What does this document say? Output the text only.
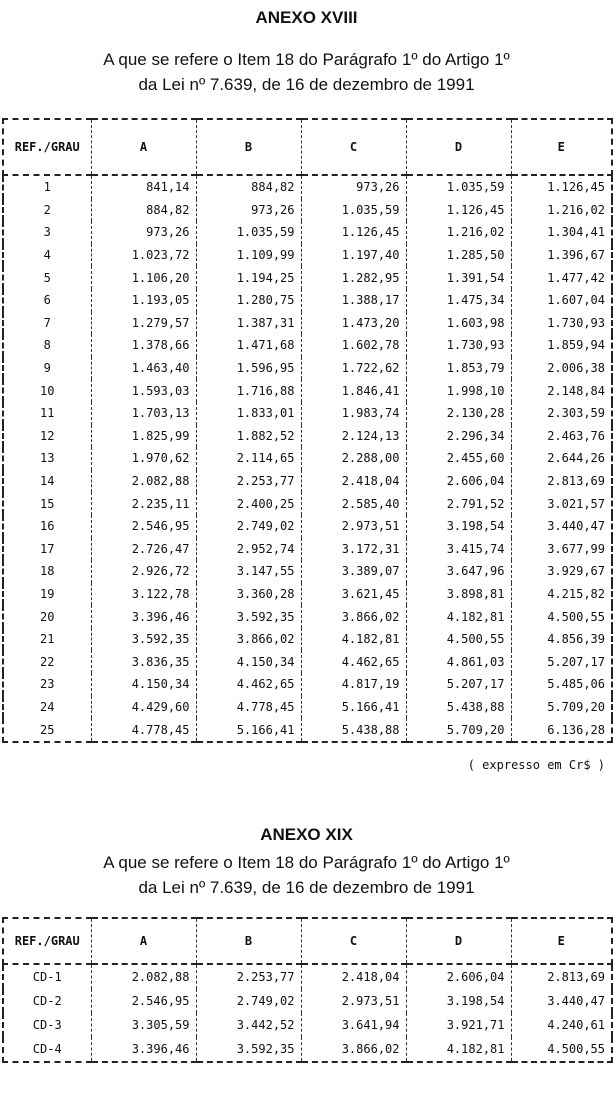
ANEXO XVIII
A que se refere o Item 18 do Parágrafo 1º do Artigo 1º
da Lei nº 7.639, de 16 de dezembro de 1991
REF./GRAU	A	B	C	D	E
1	841,14	884,82	973,26	1.035,59	1.126,45
2	884,82	973,26	1.035,59	1.126,45	1.216,02
3	973,26	1.035,59	1.126,45	1.216,02	1.304,41
4	1.023,72	1.109,99	1.197,40	1.285,50	1.396,67
5	1.106,20	1.194,25	1.282,95	1.391,54	1.477,42
6	1.193,05	1.280,75	1.388,17	1.475,34	1.607,04
7	1.279,57	1.387,31	1.473,20	1.603,98	1.730,93
8	1.378,66	1.471,68	1.602,78	1.730,93	1.859,94
9	1.463,40	1.596,95	1.722,62	1.853,79	2.006,38
10	1.593,03	1.716,88	1.846,41	1.998,10	2.148,84
11	1.703,13	1.833,01	1.983,74	2.130,28	2.303,59
12	1.825,99	1.882,52	2.124,13	2.296,34	2.463,76
13	1.970,62	2.114,65	2.288,00	2.455,60	2.644,26
14	2.082,88	2.253,77	2.418,04	2.606,04	2.813,69
15	2.235,11	2.400,25	2.585,40	2.791,52	3.021,57
16	2.546,95	2.749,02	2.973,51	3.198,54	3.440,47
17	2.726,47	2.952,74	3.172,31	3.415,74	3.677,99
18	2.926,72	3.147,55	3.389,07	3.647,96	3.929,67
19	3.122,78	3.360,28	3.621,45	3.898,81	4.215,82
20	3.396,46	3.592,35	3.866,02	4.182,81	4.500,55
21	3.592,35	3.866,02	4.182,81	4.500,55	4.856,39
22	3.836,35	4.150,34	4.462,65	4.861,03	5.207,17
23	4.150,34	4.462,65	4.817,19	5.207,17	5.485,06
24	4.429,60	4.778,45	5.166,41	5.438,88	5.709,20
25	4.778,45	5.166,41	5.438,88	5.709,20	6.136,28
( expresso em Cr$ )
ANEXO XIX
A que se refere o Item 18 do Parágrafo 1º do Artigo 1º
da Lei nº 7.639, de 16 de dezembro de 1991
REF./GRAU	A	B	C	D	E
CD-1	2.082,88	2.253,77	2.418,04	2.606,04	2.813,69
CD-2	2.546,95	2.749,02	2.973,51	3.198,54	3.440,47
CD-3	3.305,59	3.442,52	3.641,94	3.921,71	4.240,61
CD-4	3.396,46	3.592,35	3.866,02	4.182,81	4.500,55
